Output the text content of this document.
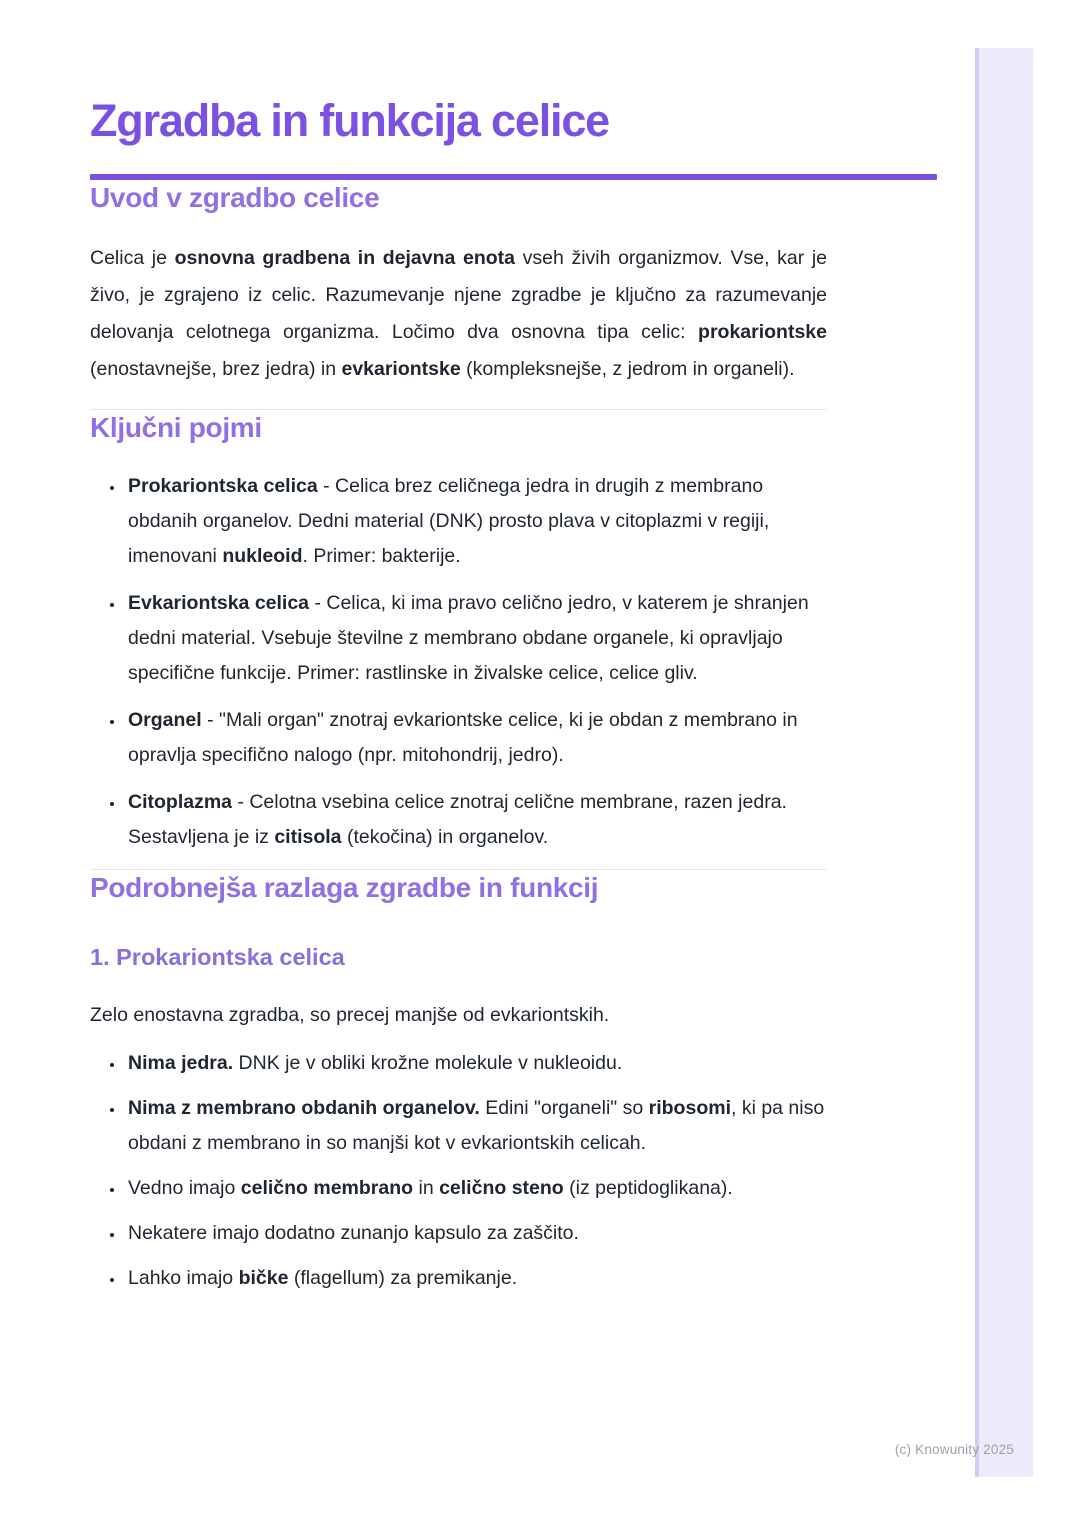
Zgradba in funkcija celice
Uvod v zgradbo celice

Celica je osnovna gradbena in dejavna enota vseh živih organizmov. Vse, kar je živo, je zgrajeno iz celic. Razumevanje njene zgradbe je ključno za razumevanje delovanja celotnega organizma. Ločimo dva osnovna tipa celic: prokariontske (enostavnejše, brez jedra) in evkariontske (kompleksnejše, z jedrom in organeli).

Ključni pojmi
• Prokariontska celica - Celica brez celičnega jedra in drugih z membrano obdanih organelov. Dedni material (DNK) prosto plava v citoplazmi v regiji, imenovani nukleoid. Primer: bakterije.
• Evkariontska celica - Celica, ki ima pravo celično jedro, v katerem je shranjen dedni material. Vsebuje številne z membrano obdane organele, ki opravljajo specifične funkcije. Primer: rastlinske in živalske celice, celice gliv.
• Organel - "Mali organ" znotraj evkariontske celice, ki je obdan z membrano in opravlja specifično nalogo (npr. mitohondrij, jedro).
• Citoplazma - Celotna vsebina celice znotraj celične membrane, razen jedra. Sestavljena je iz citisola (tekočina) in organelov.
Podrobnejša razlaga zgradbe in funkcij
1. Prokariontska celica

Zelo enostavna zgradba, so precej manjše od evkariontskih.

• Nima jedra. DNK je v obliki krožne molekule v nukleoidu.
• Nima z membrano obdanih organelov. Edini "organeli" so ribosomi, ki pa niso obdani z membrano in so manjši kot v evkariontskih celicah.
• Vedno imajo celično membrano in celično steno (iz peptidoglikana).
• Nekatere imajo dodatno zunanjo kapsulo za zaščito.
• Lahko imajo bičke (flagellum) za premikanje.
(c) Knowunity 2025
